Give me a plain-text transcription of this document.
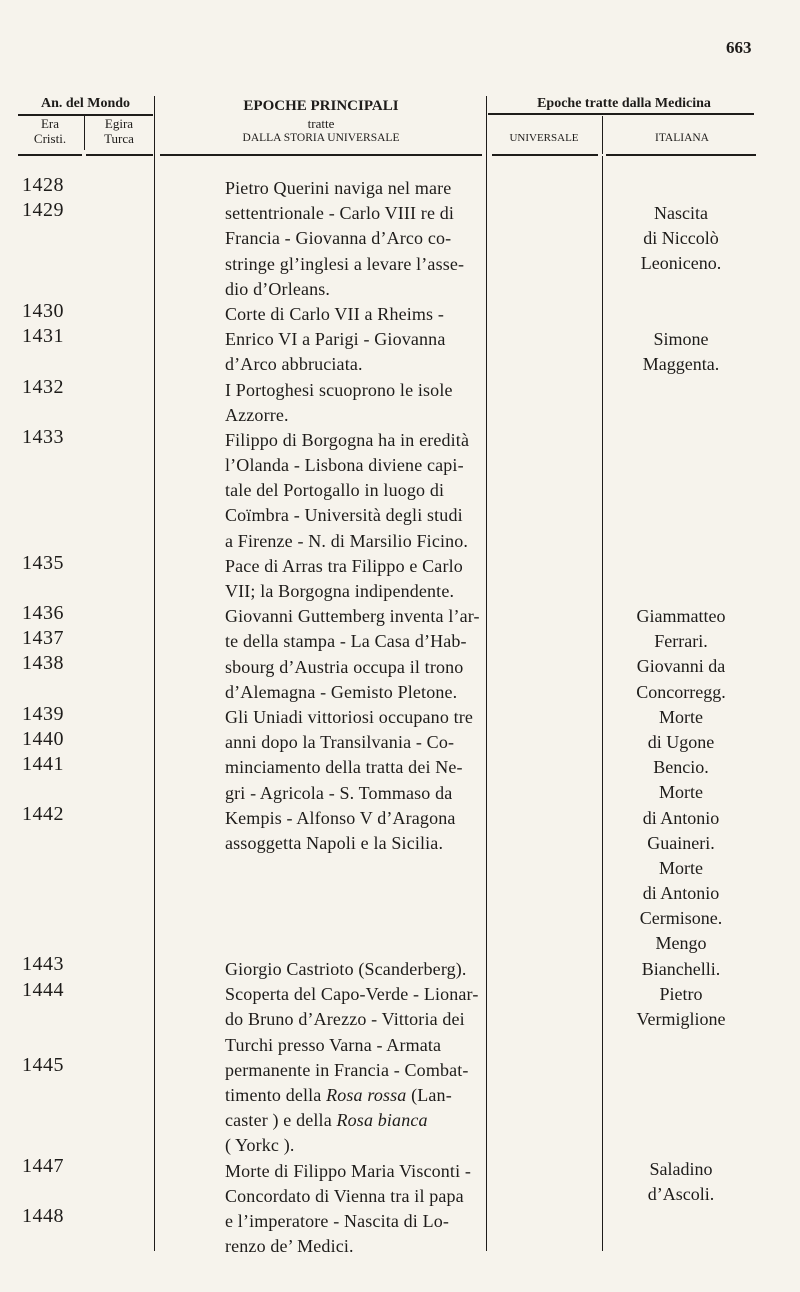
663
An. del Mondo
Era
Cristi.
Egira
Turca
EPOCHE PRINCIPALI
tratte
DALLA STORIA UNIVERSALE
Epoche tratte dalla Medicina
UNIVERSALE	ITALIANA
1428
1429
1430
1431
1432
1433
1435
1436
1437
1438
1439
1440
1441
1442
1443
1444
1445
1447
1448
Pietro Querini naviga nel mare
settentrionale - Carlo VIII re di
Francia - Giovanna d’Arco co-
stringe gl’inglesi a levare l’asse-
dio d’Orleans.
Corte di Carlo VII a Rheims -
Enrico VI a Parigi - Giovanna
d’Arco abbruciata.
I Portoghesi scuoprono le isole
Azzorre.
Filippo di Borgogna ha in eredità
l’Olanda - Lisbona diviene capi-
tale del Portogallo in luogo di
Coïmbra - Università degli studi
a Firenze - N. di Marsilio Ficino.
Pace di Arras tra Filippo e Carlo
VII; la Borgogna indipendente.
Giovanni Guttemberg inventa l’ar-
te della stampa - La Casa d’Hab-
sbourg d’Austria occupa il trono
d’Alemagna - Gemisto Pletone.
Gli Uniadi vittoriosi occupano tre
anni dopo la Transilvania - Co-
minciamento della tratta dei Ne-
gri - Agricola - S. Tommaso da
Kempis - Alfonso V d’Aragona
assoggetta Napoli e la Sicilia.
Giorgio Castrioto (Scanderberg).
Scoperta del Capo-Verde - Lionar-
do Bruno d’Arezzo - Vittoria dei
Turchi presso Varna - Armata
permanente in Francia - Combat-
timento della Rosa rossa (Lan-
caster ) e della Rosa bianca
( Yorkc ).
Morte di Filippo Maria Visconti -
Concordato di Vienna tra il papa
e l’imperatore - Nascita di Lo-
renzo de’ Medici.
Nascita
di Niccolò
Leoniceno.
Simone
Maggenta.
Giammatteo
Ferrari.
Giovanni da
Concorregg.
Morte
di Ugone
Bencio.
Morte
di Antonio
Guaineri.
Morte
di Antonio
Cermisone.
Mengo
Bianchelli.
Pietro
Vermiglione
Saladino
d’Ascoli.
